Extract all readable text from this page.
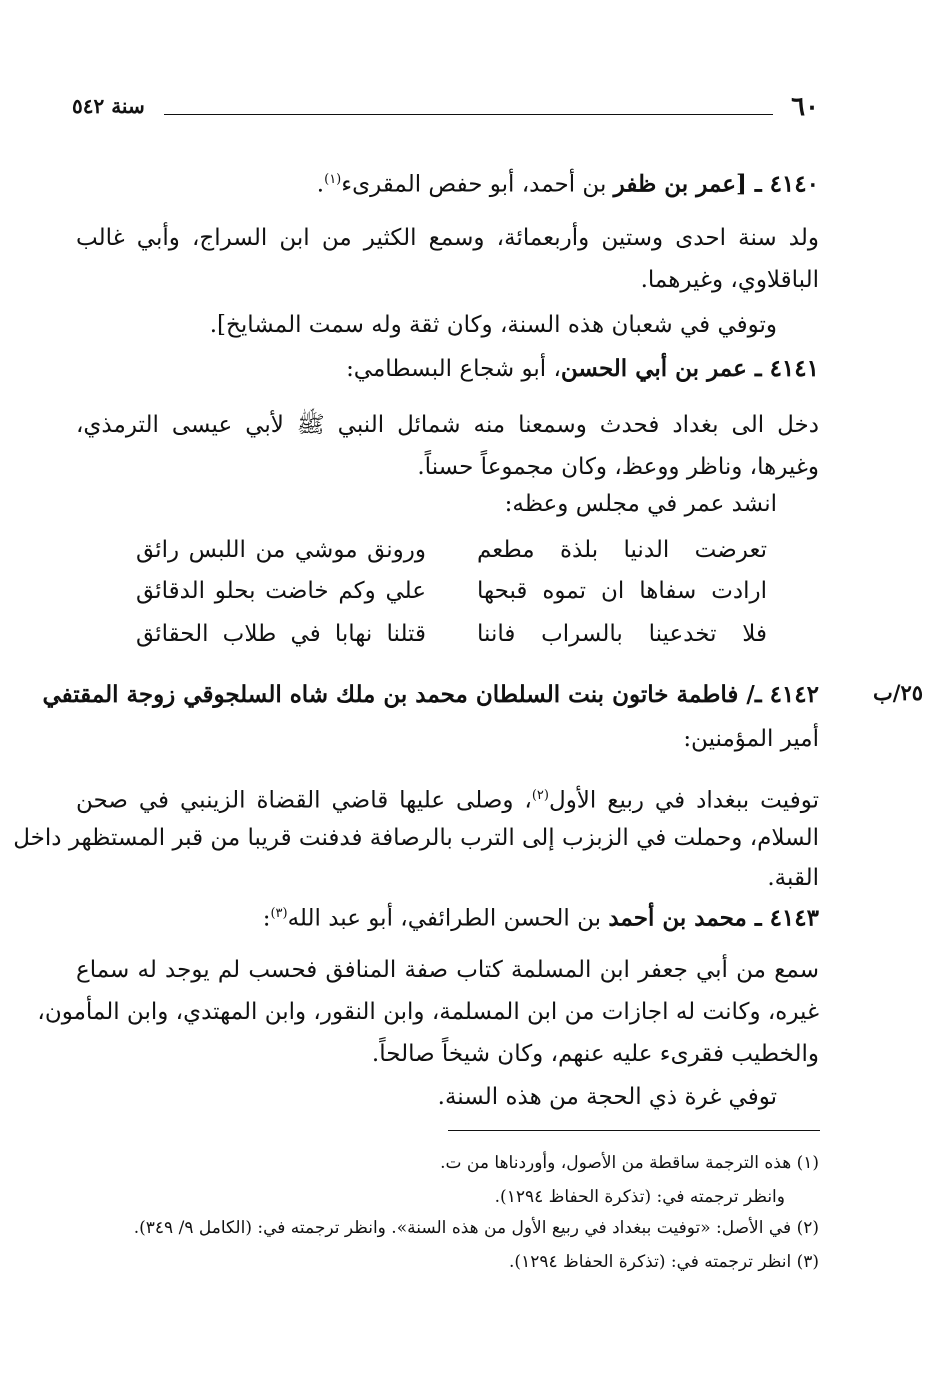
٦٠
سنة ٥٤٢
٤١٤٠ ـ [عمر بن ظفر بن أحمد، أبو حفص المقرىء$^{(١)}$.
ولد سنة احدى وستين وأربعمائة، وسمع الكثير من ابن السراج، وأبي غالب
الباقلاوي، وغيرهما.
وتوفي في شعبان هذه السنة، وكان ثقة وله سمت المشايخ].
٤١٤١ ـ عمر بن أبي الحسن، أبو شجاع البسطامي:
دخل الى بغداد فحدث وسمعنا منه شمائل النبي ﷺ لأبي عيسى الترمذي،
وغيرها، وناظر ووعظ، وكان مجموعاً حسناً.
انشد عمر في مجلس وعظه:
تعرضت الدنيا بلذة مطعم
ورونق موشي من اللبس رائق
ارادت سفاها ان تموه قبحها
علي وكم خاضت بحلو الدقائق
فلا تخدعينا بالسراب فاننا
قتلنا نهابا في طلاب الحقائق
٢٥/ب
٤١٤٢ ـ/ فاطمة خاتون بنت السلطان محمد بن ملك شاه السلجوقي زوجة المقتفي
أمير المؤمنين:
توفيت ببغداد في ربيع الأول$^{(٢)}$، وصلى عليها قاضي القضاة الزينبي في صحن
السلام، وحملت في الزبزب إلى الترب بالرصافة فدفنت قريبا من قبر المستظهر داخل
القبة.
٤١٤٣ ـ محمد بن أحمد بن الحسن الطرائفي، أبو عبد الله$^{(٣)}$:
سمع من أبي جعفر ابن المسلمة كتاب صفة المنافق فحسب لم يوجد له سماع
غيره، وكانت له اجازات من ابن المسلمة، وابن النقور، وابن المهتدي، وابن المأمون،
والخطيب فقرىء عليه عنهم، وكان شيخاً صالحاً.
توفي غرة ذي الحجة من هذه السنة.
(١) هذه الترجمة ساقطة من الأصول، وأوردناها من ت.
وانظر ترجمته في: (تذكرة الحفاظ ١٢٩٤).
(٢) في الأصل: «توفيت ببغداد في ربيع الأول من هذه السنة». وانظر ترجمته في: (الكامل ٩/ ٣٤٩).
(٣) انظر ترجمته في: (تذكرة الحفاظ ١٢٩٤).
